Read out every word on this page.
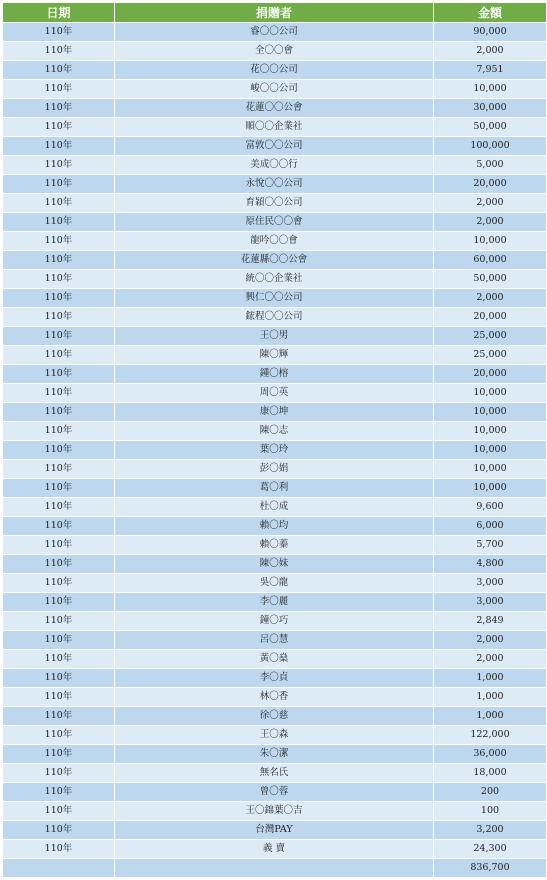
日期	捐贈者	金額
110年	睿〇〇公司	90,000
110年	全〇〇會	2,000
110年	花〇〇公司	7,951
110年	峻〇〇公司	10,000
110年	花蓮〇〇公會	30,000
110年	順〇〇企業社	50,000
110年	富敦〇〇公司	100,000
110年	美成〇〇行	5,000
110年	永悅〇〇公司	20,000
110年	育穎〇〇公司	2,000
110年	原住民〇〇會	2,000
110年	龍吟〇〇會	10,000
110年	花蓮縣〇〇公會	60,000
110年	統〇〇企業社	50,000
110年	興仁〇〇公司	2,000
110年	鋐程〇〇公司	20,000
110年	王〇男	25,000
110年	陳〇輝	25,000
110年	鍾〇榕	20,000
110年	周〇英	10,000
110年	康〇坤	10,000
110年	陳〇志	10,000
110年	葉〇玲	10,000
110年	彭〇娟	10,000
110年	葛〇利	10,000
110年	杜〇成	9,600
110年	賴〇均	6,000
110年	賴〇蓁	5,700
110年	陳〇妹	4,800
110年	吳〇龍	3,000
110年	李〇麗	3,000
110年	鐘〇巧	2,849
110年	呂〇慧	2,000
110年	黃〇燊	2,000
110年	李〇貞	1,000
110年	林〇香	1,000
110年	徐〇慈	1,000
110年	王〇森	122,000
110年	朱〇潔	36,000
110年	無名氏	18,000
110年	曾〇蓉	200
110年	王〇錦葉〇吉	100
110年	台灣PAY	3,200
110年	義 賣	24,300
		836,700
